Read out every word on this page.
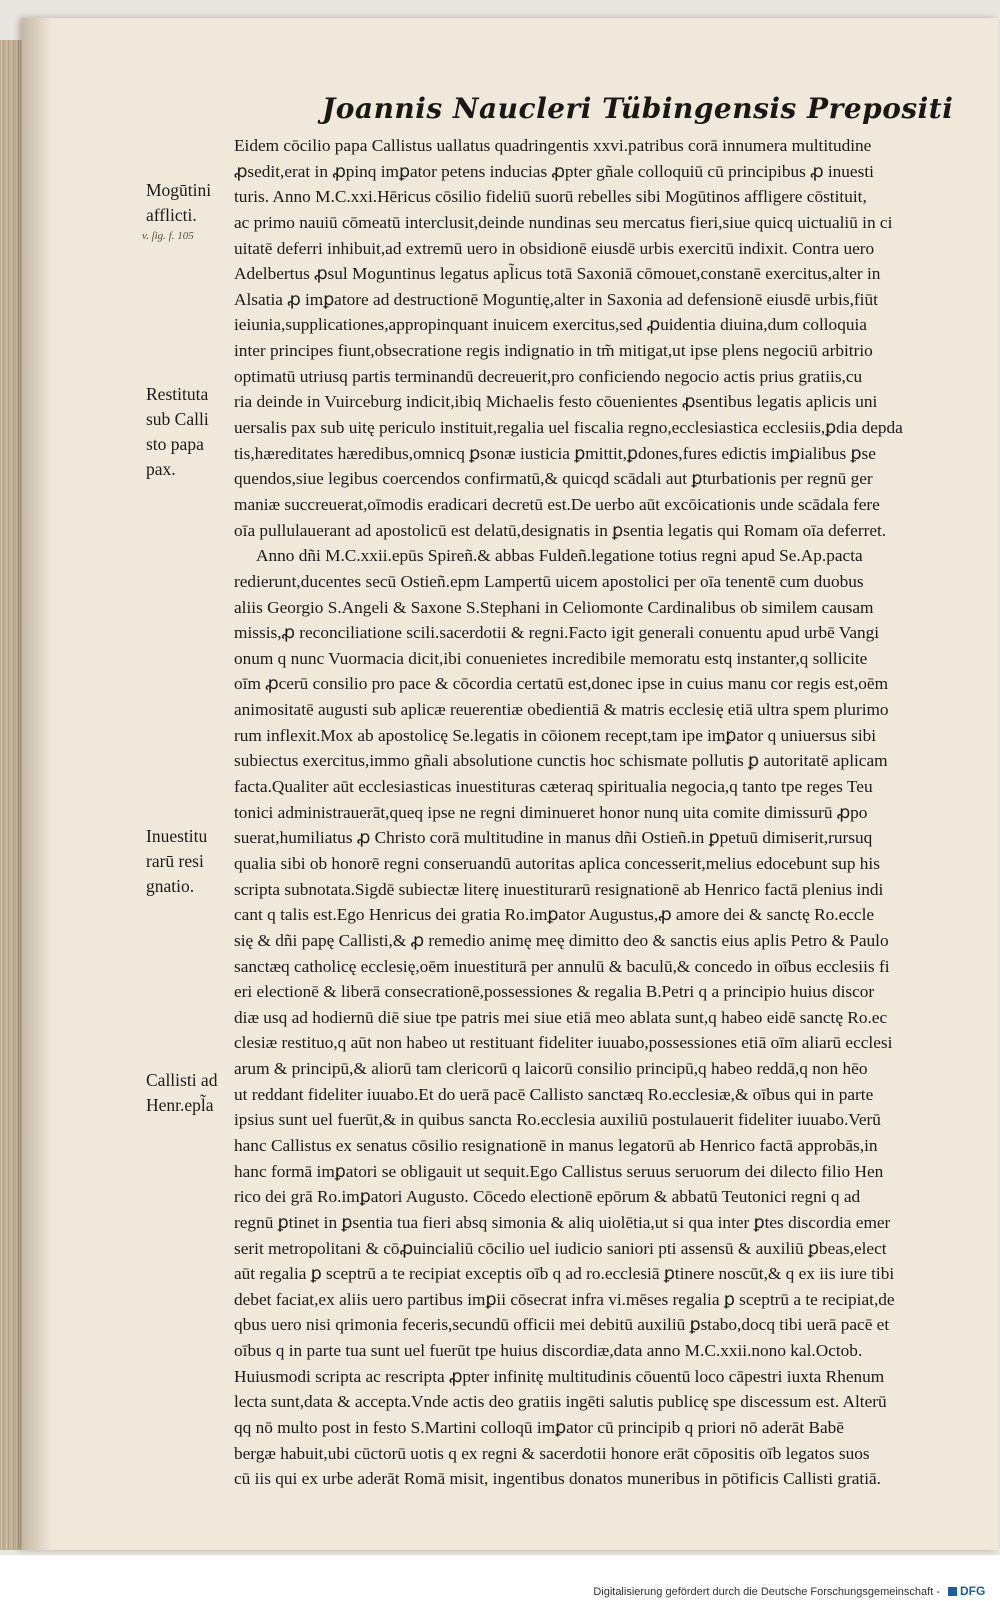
Joannis Naucleri Tübingensis Prepositi
Eidem cōcilio papa Callistus uallatus quadringentis xxvi.patribus corā innumera multitudine
ꝓsedit,erat in ꝓpinq imꝑator petens inducias ꝓpter gñale colloquiū cū principibus ꝓ inuesti
turis. Anno M.C.xxi.Hēricus cōsilio fideliū suorū rebelles sibi Mogūtinos affligere cōstituit,
ac primo nauiū cōmeatū interclusit,deinde nundinas seu mercatus fieri,siue quicq uictualiū in ci
uitatē deferri inhibuit,ad extremū uero in obsidionē eiusdē urbis exercitū indixit. Contra uero
Adelbertus ꝓsul Moguntinus legatus apl̃icus totā Saxoniā cōmouet,constanē exercitus,alter in
Alsatia ꝓ imꝑatore ad destructionē Moguntię,alter in Saxonia ad defensionē eiusdē urbis,fiūt
ieiunia,supplicationes,appropinquant inuicem exercitus,sed ꝓuidentia diuina,dum colloquia
inter principes fiunt,obsecratione regis indignatio in tm̃ mitigat,ut ipse plens negociū arbitrio
optimatū utriusq partis terminandū decreuerit,pro conficiendo negocio actis prius gratiis,cu
ria deinde in Vuirceburg indicit,ibiq Michaelis festo cōuenientes ꝓsentibus legatis aplicis uni
uersalis pax sub uitę periculo instituit,regalia uel fiscalia regno,ecclesiastica ecclesiis,ꝑdia depda
tis,hæreditates hæredibus,omnicq ꝑsonæ iusticia ꝑmittit,ꝑdones,fures edictis imꝑialibus ꝑse
quendos,siue legibus coercendos confirmatū,& quicqd scādali aut ꝑturbationis per regnū ger
maniæ succreuerat,oīmodis eradicari decretū est.De uerbo aūt excōicationis unde scādala fere
oīa pullulauerant ad apostolicū est delatū,designatis in ꝑsentia legatis qui Romam oīa deferret.
Anno dñi M.C.xxii.epūs Spireñ.& abbas Fuldeñ.legatione totius regni apud Se.Ap.pacta
redierunt,ducentes secū Ostieñ.epm Lampertū uicem apostolici per oīa tenentē cum duobus
aliis Georgio S.Angeli & Saxone S.Stephani in Celiomonte Cardinalibus ob similem causam
missis,ꝓ reconciliatione scili.sacerdotii & regni.Facto igit generali conuentu apud urbē Vangi
onum q nunc Vuormacia dicit,ibi conuenietes incredibile memoratu estq instanter,q sollicite
oīm ꝓcerū consilio pro pace & cōcordia certatū est,donec ipse in cuius manu cor regis est,oēm
animositatē augusti sub aplicæ reuerentiæ obedientiā & matris ecclesię etiā ultra spem plurimo
rum inflexit.Mox ab apostolicę Se.legatis in cōionem recept,tam ipe imꝑator q uniuersus sibi
subiectus exercitus,immo gñali absolutione cunctis hoc schismate pollutis ꝑ autoritatē aplicam
facta.Qualiter aūt ecclesiasticas inuestituras cæteraq spiritualia negocia,q tanto tpe reges Teu
tonici administrauerāt,queq ipse ne regni diminueret honor nunq uita comite dimissurū ꝓpo
suerat,humiliatus ꝓ Christo corā multitudine in manus dñi Ostieñ.in ꝑpetuū dimiserit,rursuq
qualia sibi ob honorē regni conseruandū autoritas aplica concesserit,melius edocebunt sup his
scripta subnotata.Sigdē subiectæ literę inuestiturarū resignationē ab Henrico factā plenius indi
cant q talis est.Ego Henricus dei gratia Ro.imꝑator Augustus,ꝓ amore dei & sanctę Ro.eccle
się & dñi papę Callisti,& ꝓ remedio animę meę dimitto deo & sanctis eius aplis Petro & Paulo
sanctæq catholicę ecclesię,oēm inuestiturā per annulū & baculū,& concedo in oībus ecclesiis fi
eri electionē & liberā consecrationē,possessiones & regalia B.Petri q a principio huius discor
diæ usq ad hodiernū diē siue tpe patris mei siue etiā meo ablata sunt,q habeo eidē sanctę Ro.ec
clesiæ restituo,q aūt non habeo ut restituant fideliter iuuabo,possessiones etiā oīm aliarū ecclesi
arum & principū,& aliorū tam clericorū q laicorū consilio principū,q habeo reddā,q non hēo
ut reddant fideliter iuuabo.Et do uerā pacē Callisto sanctæq Ro.ecclesiæ,& oībus qui in parte
ipsius sunt uel fuerūt,& in quibus sancta Ro.ecclesia auxiliū postulauerit fideliter iuuabo.Verū
hanc Callistus ex senatus cōsilio resignationē in manus legatorū ab Henrico factā approbās,in
hanc formā imꝑatori se obligauit ut sequit.Ego Callistus seruus seruorum dei dilecto filio Hen
rico dei grā Ro.imꝑatori Augusto. Cōcedo electionē epōrum & abbatū Teutonici regni q ad
regnū ꝑtinet in ꝑsentia tua fieri absq simonia & aliq uiolētia,ut si qua inter ꝑtes discordia emer
serit metropolitani & cōꝓuincialiū cōcilio uel iudicio saniori pti assensū & auxiliū ꝑbeas,elect
aūt regalia ꝑ sceptrū a te recipiat exceptis oīb q ad ro.ecclesiā ꝑtinere noscūt,& q ex iis iure tibi
debet faciat,ex aliis uero partibus imꝑii cōsecrat infra vi.mēses regalia ꝑ sceptrū a te recipiat,de
qbus uero nisi qrimonia feceris,secundū officii mei debitū auxiliū ꝑstabo,docq tibi uerā pacē et
oībus q in parte tua sunt uel fuerūt tpe huius discordiæ,data anno M.C.xxii.nono kal.Octob.
Huiusmodi scripta ac rescripta ꝓpter infinitę multitudinis cōuentū loco cāpestri iuxta Rhenum
lecta sunt,data & accepta.Vnde actis deo gratiis ingēti salutis publicę spe discessum est. Alterū
qq nō multo post in festo S.Martini colloqū imꝑator cū principib q priori nō aderāt Babē
bergæ habuit,ubi cūctorū uotis q ex regni & sacerdotii honore erāt cōpositis oīb legatos suos
cū iis qui ex urbe aderāt Romā misit, ingentibus donatos muneribus in pōtificis Callisti gratiā.
Mogūtini
afflicti.
v. ſig. f. 105
Restituta
sub Calli
sto papa
pax.
Inuestitu
rarū resi
gnatio.
Callisti ad
Henr.epl̃a
Digitalisierung gefördert durch die Deutsche Forschungsgemeinschaft -	DFG
